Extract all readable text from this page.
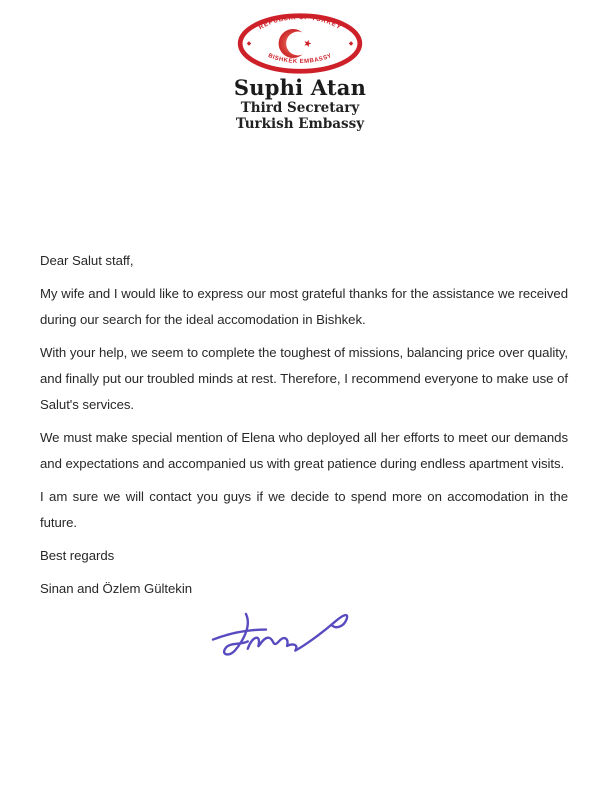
REPUBLIK OF TURKEY
BISHKEK EMBASSY
Suphi Atan
Third Secretary
Turkish Embassy

Dear Salut staff,

My wife and I would like to express our most grateful thanks for the assistance we received during our search for the ideal accomodation in Bishkek.

With your help, we seem to complete the toughest of missions, balancing price over quality, and finally put our troubled minds at rest. Therefore, I recommend everyone to make use of Salut's services.

We must make special mention of Elena who deployed all her efforts to meet our demands and expectations and accompanied us with great patience during endless apartment visits.

I am sure we will contact you guys if we decide to spend more on accomodation in the future.

Best regards

Sinan and Özlem Gültekin
